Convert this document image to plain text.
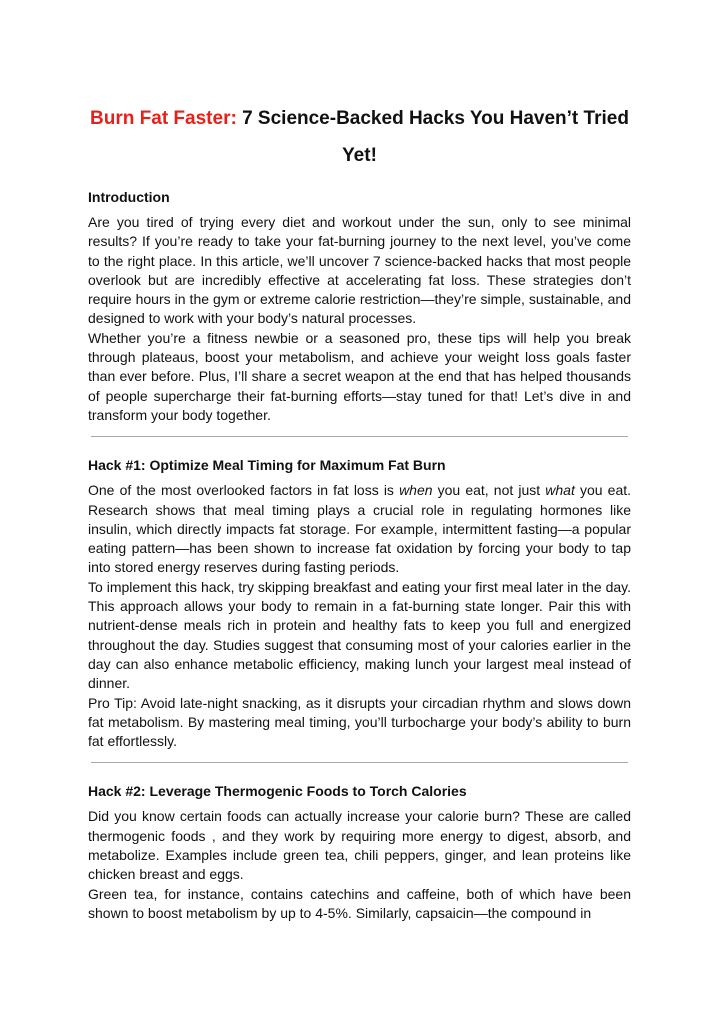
Burn Fat Faster: 7 Science-Backed Hacks You Haven’t Tried Yet!
Introduction

Are you tired of trying every diet and workout under the sun, only to see minimal results? If you’re ready to take your fat-burning journey to the next level, you’ve come to the right place. In this article, we’ll uncover 7 science-backed hacks that most people overlook but are incredibly effective at accelerating fat loss. These strategies don’t require hours in the gym or extreme calorie restriction—they’re simple, sustainable, and designed to work with your body’s natural processes.

Whether you’re a fitness newbie or a seasoned pro, these tips will help you break through plateaus, boost your metabolism, and achieve your weight loss goals faster than ever before. Plus, I’ll share a secret weapon at the end that has helped thousands of people supercharge their fat-burning efforts—stay tuned for that! Let’s dive in and transform your body together.

Hack #1: Optimize Meal Timing for Maximum Fat Burn

One of the most overlooked factors in fat loss is when you eat, not just what you eat. Research shows that meal timing plays a crucial role in regulating hormones like insulin, which directly impacts fat storage. For example, intermittent fasting—a popular eating pattern—has been shown to increase fat oxidation by forcing your body to tap into stored energy reserves during fasting periods.

To implement this hack, try skipping breakfast and eating your first meal later in the day. This approach allows your body to remain in a fat-burning state longer. Pair this with nutrient-dense meals rich in protein and healthy fats to keep you full and energized throughout the day. Studies suggest that consuming most of your calories earlier in the day can also enhance metabolic efficiency, making lunch your largest meal instead of dinner.

Pro Tip: Avoid late-night snacking, as it disrupts your circadian rhythm and slows down fat metabolism. By mastering meal timing, you’ll turbocharge your body’s ability to burn fat effortlessly.

Hack #2: Leverage Thermogenic Foods to Torch Calories

Did you know certain foods can actually increase your calorie burn? These are called thermogenic foods , and they work by requiring more energy to digest, absorb, and metabolize. Examples include green tea, chili peppers, ginger, and lean proteins like chicken breast and eggs.

Green tea, for instance, contains catechins and caffeine, both of which have been shown to boost metabolism by up to 4-5%. Similarly, capsaicin—the compound in
